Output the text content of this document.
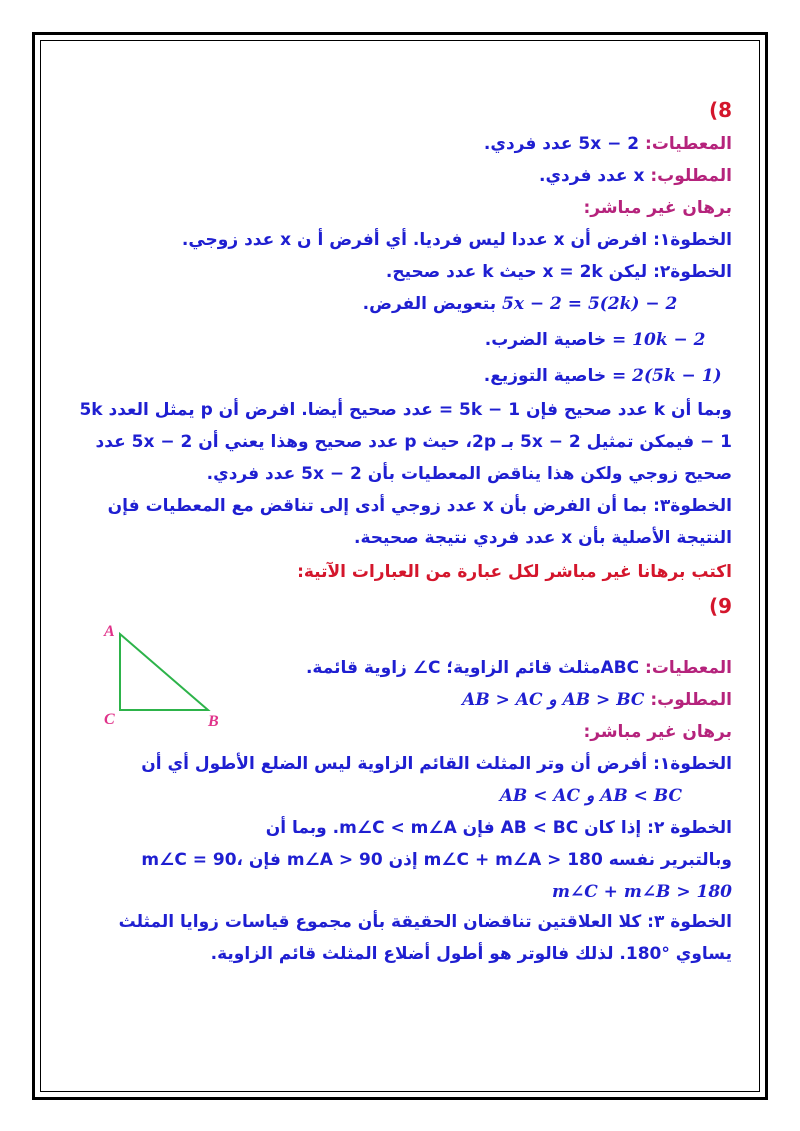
(8
المعطيات: 5x − 2 عدد فردي.
المطلوب: x عدد فردي.
برهان غير مباشر:
الخطوة١: افرض أن x عددا ليس فرديا. أي أفرض أ ن x عدد زوجي.
الخطوة٢: ليكن x = 2k حيث k عدد صحيح.
بتعويض الفرض. 5x − 2 = 5(2k) − 2
خاصية الضرب. = 10k − 2
خاصية التوزيع. = 2(5k − 1)
وبما أن k عدد صحيح فإن 5k − 1 = عدد صحيح أيضا. افرض أن p يمثل العدد 5k − 1 فيمكن تمثيل 5x − 2 بـ 2p، حيث p عدد صحيح وهذا يعني أن 5x − 2 عدد صحيح زوجي ولكن هذا يناقض المعطيات بأن 5x − 2 عدد فردي.
الخطوة٣: بما أن الفرض بأن x عدد زوجي أدى إلى تناقض مع المعطيات فإن النتيجة الأصلية بأن x عدد فردي نتيجة صحيحة.
اكتب برهانا غير مباشر لكل عبارة من العبارات الآتية:
(9
المعطيات: ABCمثلث قائم الزاوية؛ C∠ زاوية قائمة.
المطلوب: AB > BC و AB > AC
برهان غير مباشر:
الخطوة١: أفرض أن وتر المثلث القائم الزاوية ليس الضلع الأطول أي أن
AB < AC و AB < BC
الخطوة ٢: إذا كان AB < BC فإن m∠C < m∠A. وبما أن
m∠C = 90، فإن m∠A > 90 إذن m∠C + m∠A > 180 وبالتبرير نفسه
m∠C + m∠B > 180
الخطوة ٣: كلا العلاقتين تناقضان الحقيقة بأن مجموع قياسات زوايا المثلث يساوي °180. لذلك فالوتر هو أطول أضلاع المثلث قائم الزاوية.
A
B
C
